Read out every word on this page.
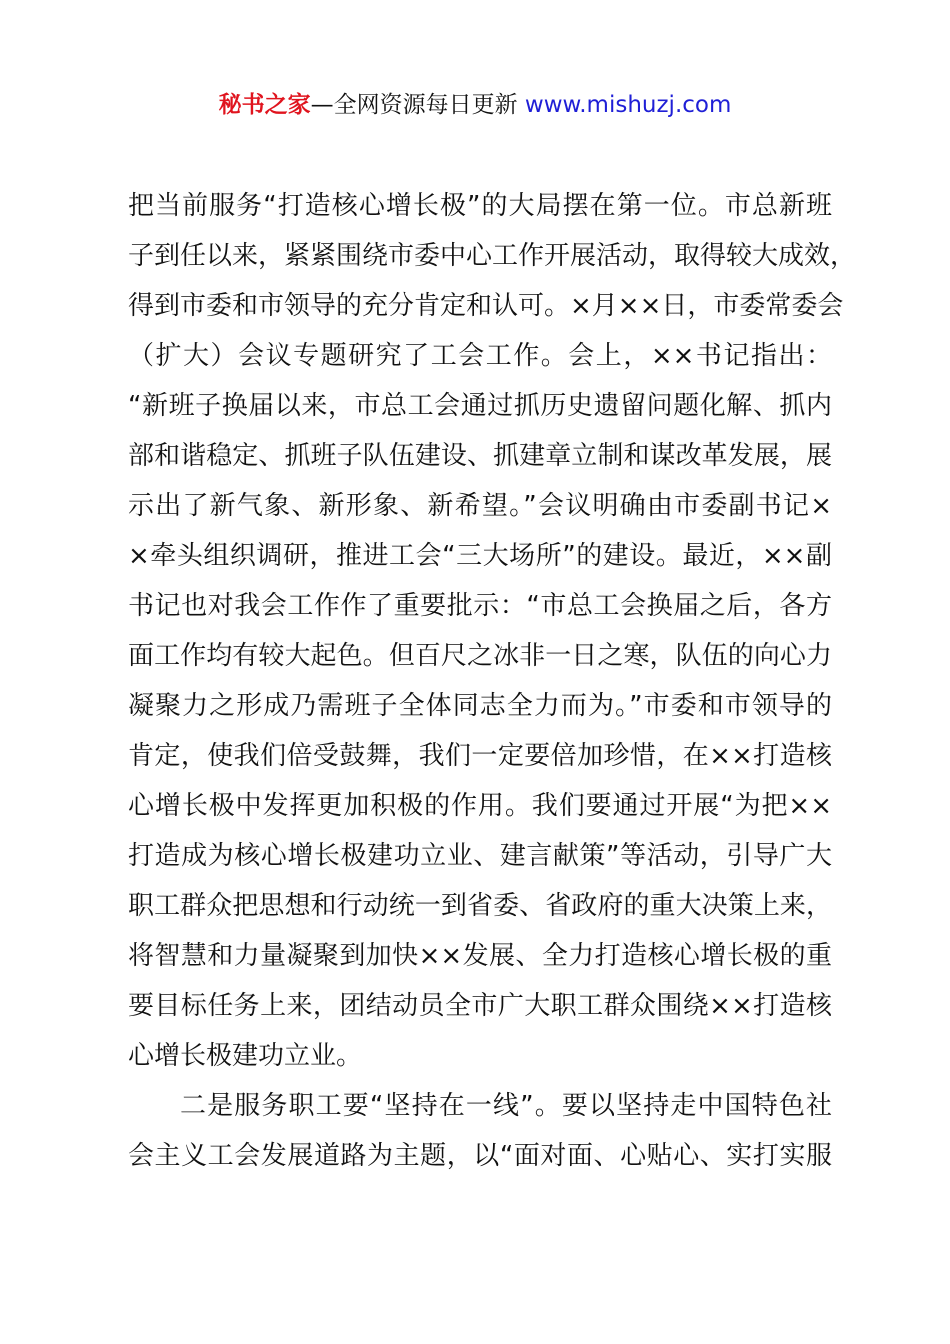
秘书之家—全网资源每日更新 www.mishuzj.com
把当前服务“打造核心增长极”的大局摆在第一位。市总新班
子到任以来，紧紧围绕市委中心工作开展活动，取得较大成效，
得到市委和市领导的充分肯定和认可。×月××日，市委常委会
（扩大）会议专题研究了工会工作。会上，××书记指出：
“新班子换届以来，市总工会通过抓历史遗留问题化解、抓内
部和谐稳定、抓班子队伍建设、抓建章立制和谋改革发展，展
示出了新气象、新形象、新希望。”会议明确由市委副书记×
×牵头组织调研，推进工会“三大场所”的建设。最近，××副
书记也对我会工作作了重要批示：“市总工会换届之后，各方
面工作均有较大起色。但百尺之冰非一日之寒，队伍的向心力
凝聚力之形成乃需班子全体同志全力而为。”市委和市领导的
肯定，使我们倍受鼓舞，我们一定要倍加珍惜，在××打造核
心增长极中发挥更加积极的作用。我们要通过开展“为把××
打造成为核心增长极建功立业、建言献策”等活动，引导广大
职工群众把思想和行动统一到省委、省政府的重大决策上来，
将智慧和力量凝聚到加快××发展、全力打造核心增长极的重
要目标任务上来，团结动员全市广大职工群众围绕××打造核
心增长极建功立业。
二是服务职工要“坚持在一线”。要以坚持走中国特色社
会主义工会发展道路为主题，以“面对面、心贴心、实打实服
